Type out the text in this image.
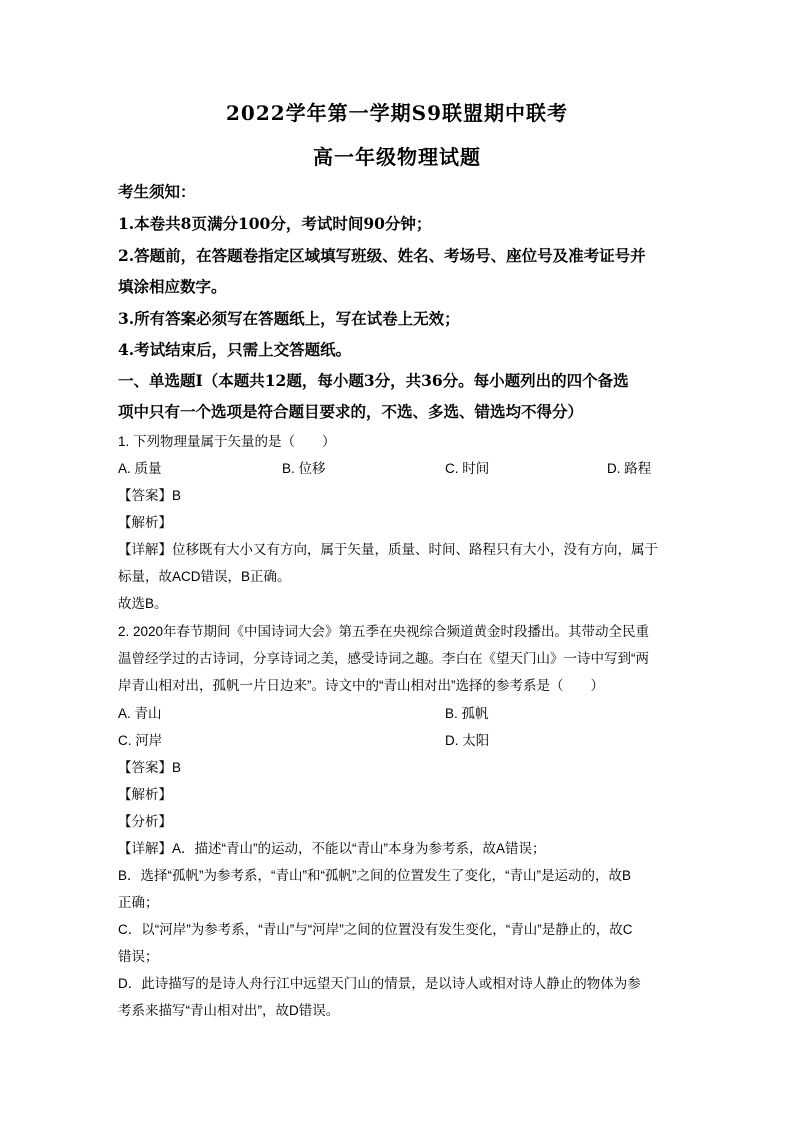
2022学年第一学期S9联盟期中联考
高一年级物理试题
考生须知：
1.本卷共8页满分100分，考试时间90分钟；
2.答题前，在答题卷指定区域填写班级、姓名、考场号、座位号及准考证号并
填涂相应数字。
3.所有答案必须写在答题纸上，写在试卷上无效；
4.考试结束后，只需上交答题纸。
一、单选题Ⅰ（本题共12题，每小题3分，共36分。每小题列出的四个备选
项中只有一个选项是符合题目要求的，不选、多选、错选均不得分）
1. 下列物理量属于矢量的是（　　）
A. 质量	B. 位移	C. 时间	D. 路程
【答案】B
【解析】
【详解】位移既有大小又有方向，属于矢量，质量、时间、路程只有大小，没有方向，属于
标量，故ACD错误，B正确。
故选B。
2. 2020年春节期间《中国诗词大会》第五季在央视综合频道黄金时段播出。其带动全民重
温曾经学过的古诗词，分享诗词之美，感受诗词之趣。李白在《望天门山》一诗中写到“两
岸青山相对出，孤帆一片日边来”。诗文中的“青山相对出”选择的参考系是（　　）
A. 青山	B. 孤帆
C. 河岸	D. 太阳
【答案】B
【解析】
【分析】
【详解】A．描述“青山”的运动，不能以“青山”本身为参考系，故A错误；
B．选择“孤帆”为参考系，“青山”和“孤帆”之间的位置发生了变化，“青山”是运动的，故B
正确；
C．以“河岸”为参考系，“青山”与“河岸”之间的位置没有发生变化，“青山”是静止的，故C
错误；
D．此诗描写的是诗人舟行江中远望天门山的情景，是以诗人或相对诗人静止的物体为参
考系来描写“青山相对出”，故D错误。
